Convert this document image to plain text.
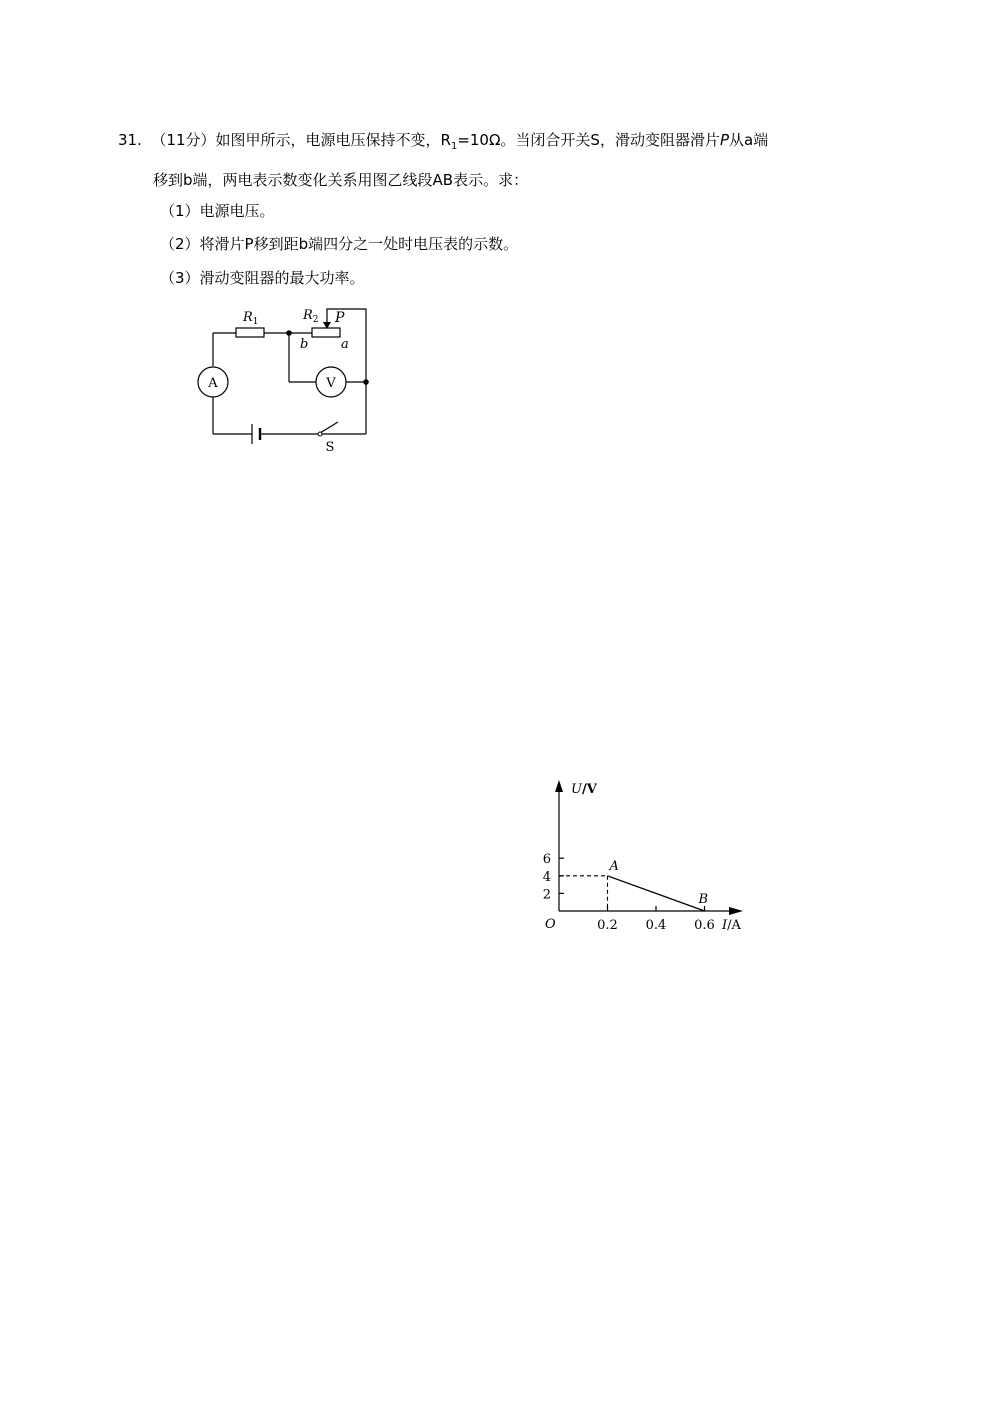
31. （11分）如图甲所示，电源电压保持不变，$R_1=10\Omega$。当闭合开关S，滑动变阻器滑片P从a端
移到b端，两电表示数变化关系用图乙线段AB表示。求：
（1）电源电压。
（2）将滑片P移到距b端四分之一处时电压表的示数。
（3）滑动变阻器的最大功率。
$R_1$	$R_2$ P
b	a
A	V
S
U/V
I/A
O	0.2 0.4 0.6
2
4
6	A
B
